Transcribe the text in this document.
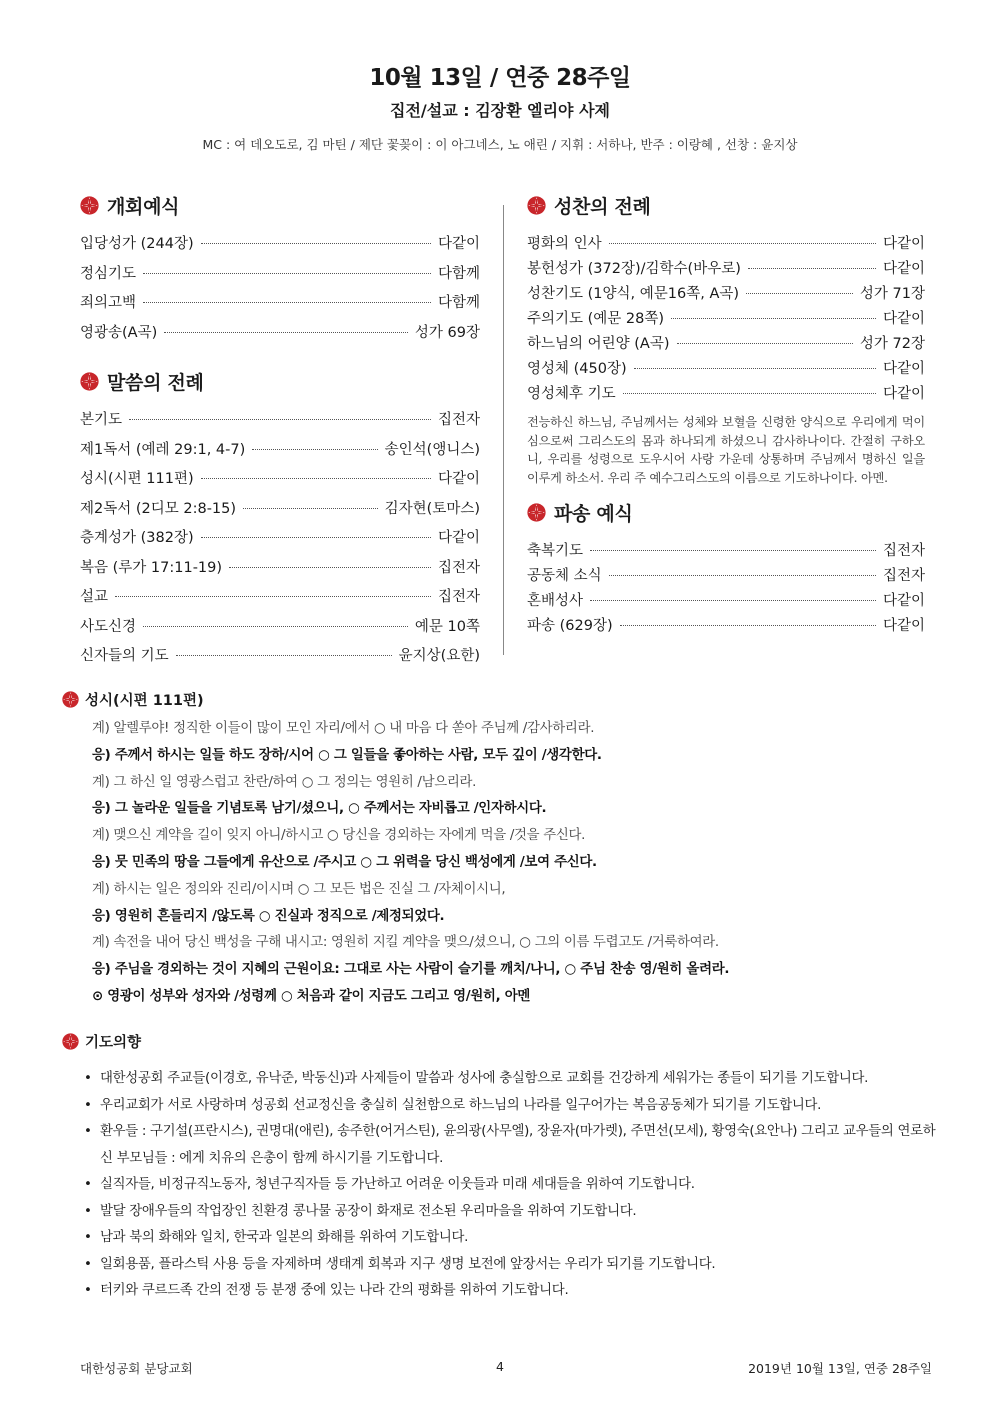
10월 13일 / 연중 28주일
집전/설교 : 김장환 엘리야 사제
MC : 여 데오도로, 김 마틴 / 제단 꽃꽂이 : 이 아그네스, 노 애린 / 지휘 : 서하나, 반주 : 이랑혜 , 선창 : 윤지상
개회예식
입당성가 (244장)	다같이
정심기도	다함께
죄의고백	다함께
영광송(A곡)	성가 69장
말씀의 전례
본기도	집전자
제1독서 (예레 29:1, 4-7)	송인석(앵니스)
성시(시편 111편)	다같이
제2독서 (2디모 2:8-15)	김자현(토마스)
층계성가 (382장)	다같이
복음 (루가 17:11-19)	집전자
설교	집전자
사도신경	예문 10쪽
신자들의 기도	윤지상(요한)
성찬의 전례
평화의 인사	다같이
봉헌성가 (372장)/김학수(바우로)	다같이
성찬기도 (1양식, 예문16쪽, A곡)	성가 71장
주의기도 (예문 28쪽)	다같이
하느님의 어린양 (A곡)	성가 72장
영성체 (450장)	다같이
영성체후 기도	다같이
전능하신 하느님, 주님께서는 성체와 보혈을 신령한 양식으로 우리에게 먹이심으로써 그리스도의 몸과 하나되게 하셨으니 감사하나이다. 간절히 구하오니, 우리를 성령으로 도우시어 사랑 가운데 상통하며 주님께서 명하신 일을 이루게 하소서. 우리 주 예수그리스도의 이름으로 기도하나이다. 아멘.
파송 예식
축복기도	집전자
공동체 소식	집전자
혼배성사	다같이
파송 (629장)	다같이
성시(시편 111편)
계) 알렐루야! 정직한 이들이 많이 모인 자리/에서 ○ 내 마음 다 쏟아 주님께 /감사하리라.
응) 주께서 하시는 일들 하도 장하/시어 ○ 그 일들을 좋아하는 사람, 모두 깊이 /생각한다.
계) 그 하신 일 영광스럽고 찬란/하여 ○ 그 정의는 영원히 /남으리라.
응) 그 놀라운 일들을 기념토록 남기/셨으니, ○ 주께서는 자비롭고 /인자하시다.
계) 맺으신 계약을 길이 잊지 아니/하시고 ○ 당신을 경외하는 자에게 먹을 /것을 주신다.
응) 뭇 민족의 땅을 그들에게 유산으로 /주시고 ○ 그 위력을 당신 백성에게 /보여 주신다.
계) 하시는 일은 정의와 진리/이시며 ○ 그 모든 법은 진실 그 /자체이시니,
응) 영원히 흔들리지 /않도록 ○ 진실과 정직으로 /제정되었다.
계) 속전을 내어 당신 백성을 구해 내시고: 영원히 지킬 계약을 맺으/셨으니, ○ 그의 이름 두렵고도 /거룩하여라.
응) 주님을 경외하는 것이 지혜의 근원이요: 그대로 사는 사람이 슬기를 깨치/나니, ○ 주님 찬송 영/원히 올려라.
⊙ 영광이 성부와 성자와 /성령께 ○ 처음과 같이 지금도 그리고 영/원히, 아멘
기도의향
• 대한성공회 주교들(이경호, 유낙준, 박동신)과 사제들이 말씀과 성사에 충실함으로 교회를 건강하게 세워가는 종들이 되기를 기도합니다.
• 우리교회가 서로 사랑하며 성공회 선교정신을 충실히 실천함으로 하느님의 나라를 일구어가는 복음공동체가 되기를 기도합니다.
• 환우들 : 구기설(프란시스), 권명대(애린), 송주한(어거스틴), 윤의광(사무엘), 장윤자(마가렛), 주면선(모세), 황영숙(요안나) 그리고 교우들의 연로하신 부모님들 : 에게 치유의 은총이 함께 하시기를 기도합니다.
• 실직자들, 비정규직노동자, 청년구직자들 등 가난하고 어려운 이웃들과 미래 세대들을 위하여 기도합니다.
• 발달 장애우들의 작업장인 친환경 콩나물 공장이 화재로 전소된 우리마을을 위하여 기도합니다.
• 남과 북의 화해와 일치, 한국과 일본의 화해를 위하여 기도합니다.
• 일회용품, 플라스틱 사용 등을 자제하며 생태계 회복과 지구 생명 보전에 앞장서는 우리가 되기를 기도합니다.
• 터키와 쿠르드족 간의 전쟁 등 분쟁 중에 있는 나라 간의 평화를 위하여 기도합니다.
대한성공회 분당교회	4	2019년 10월 13일, 연중 28주일
